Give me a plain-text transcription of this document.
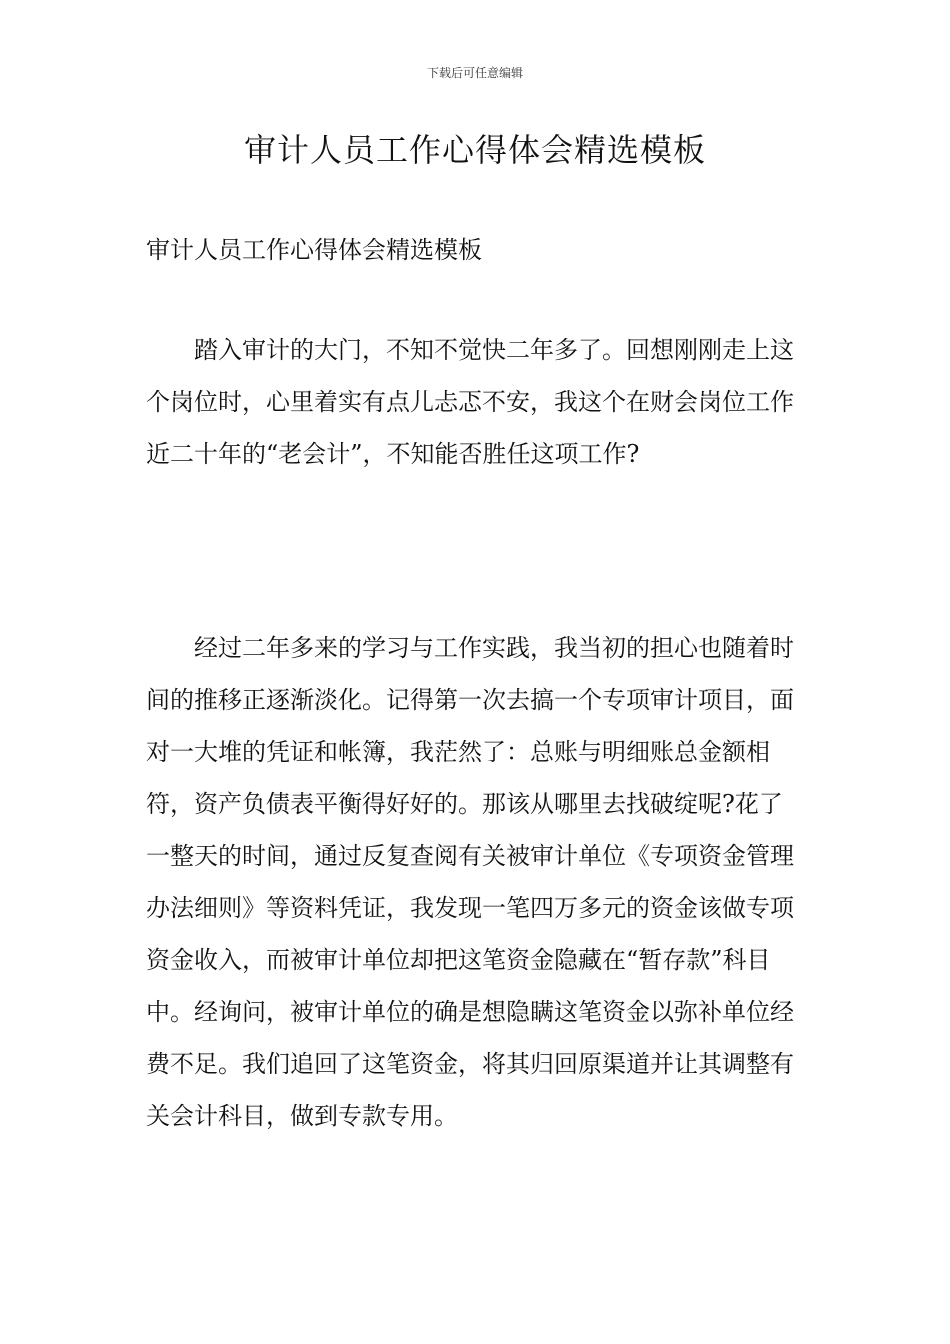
下载后可任意编辑
审计人员工作心得体会精选模板

审计人员工作心得体会精选模板

踏入审计的大门，不知不觉快二年多了。回想刚刚走上这个岗位时，心里着实有点儿忐忑不安，我这个在财会岗位工作近二十年的“老会计”，不知能否胜任这项工作?

经过二年多来的学习与工作实践，我当初的担心也随着时间的推移正逐渐淡化。记得第一次去搞一个专项审计项目，面对一大堆的凭证和帐簿，我茫然了：总账与明细账总金额相符，资产负债表平衡得好好的。那该从哪里去找破绽呢?花了一整天的时间，通过反复查阅有关被审计单位《专项资金管理办法细则》等资料凭证，我发现一笔四万多元的资金该做专项资金收入，而被审计单位却把这笔资金隐藏在“暂存款”科目中。经询问，被审计单位的确是想隐瞒这笔资金以弥补单位经费不足。我们追回了这笔资金，将其归回原渠道并让其调整有关会计科目，做到专款专用。
